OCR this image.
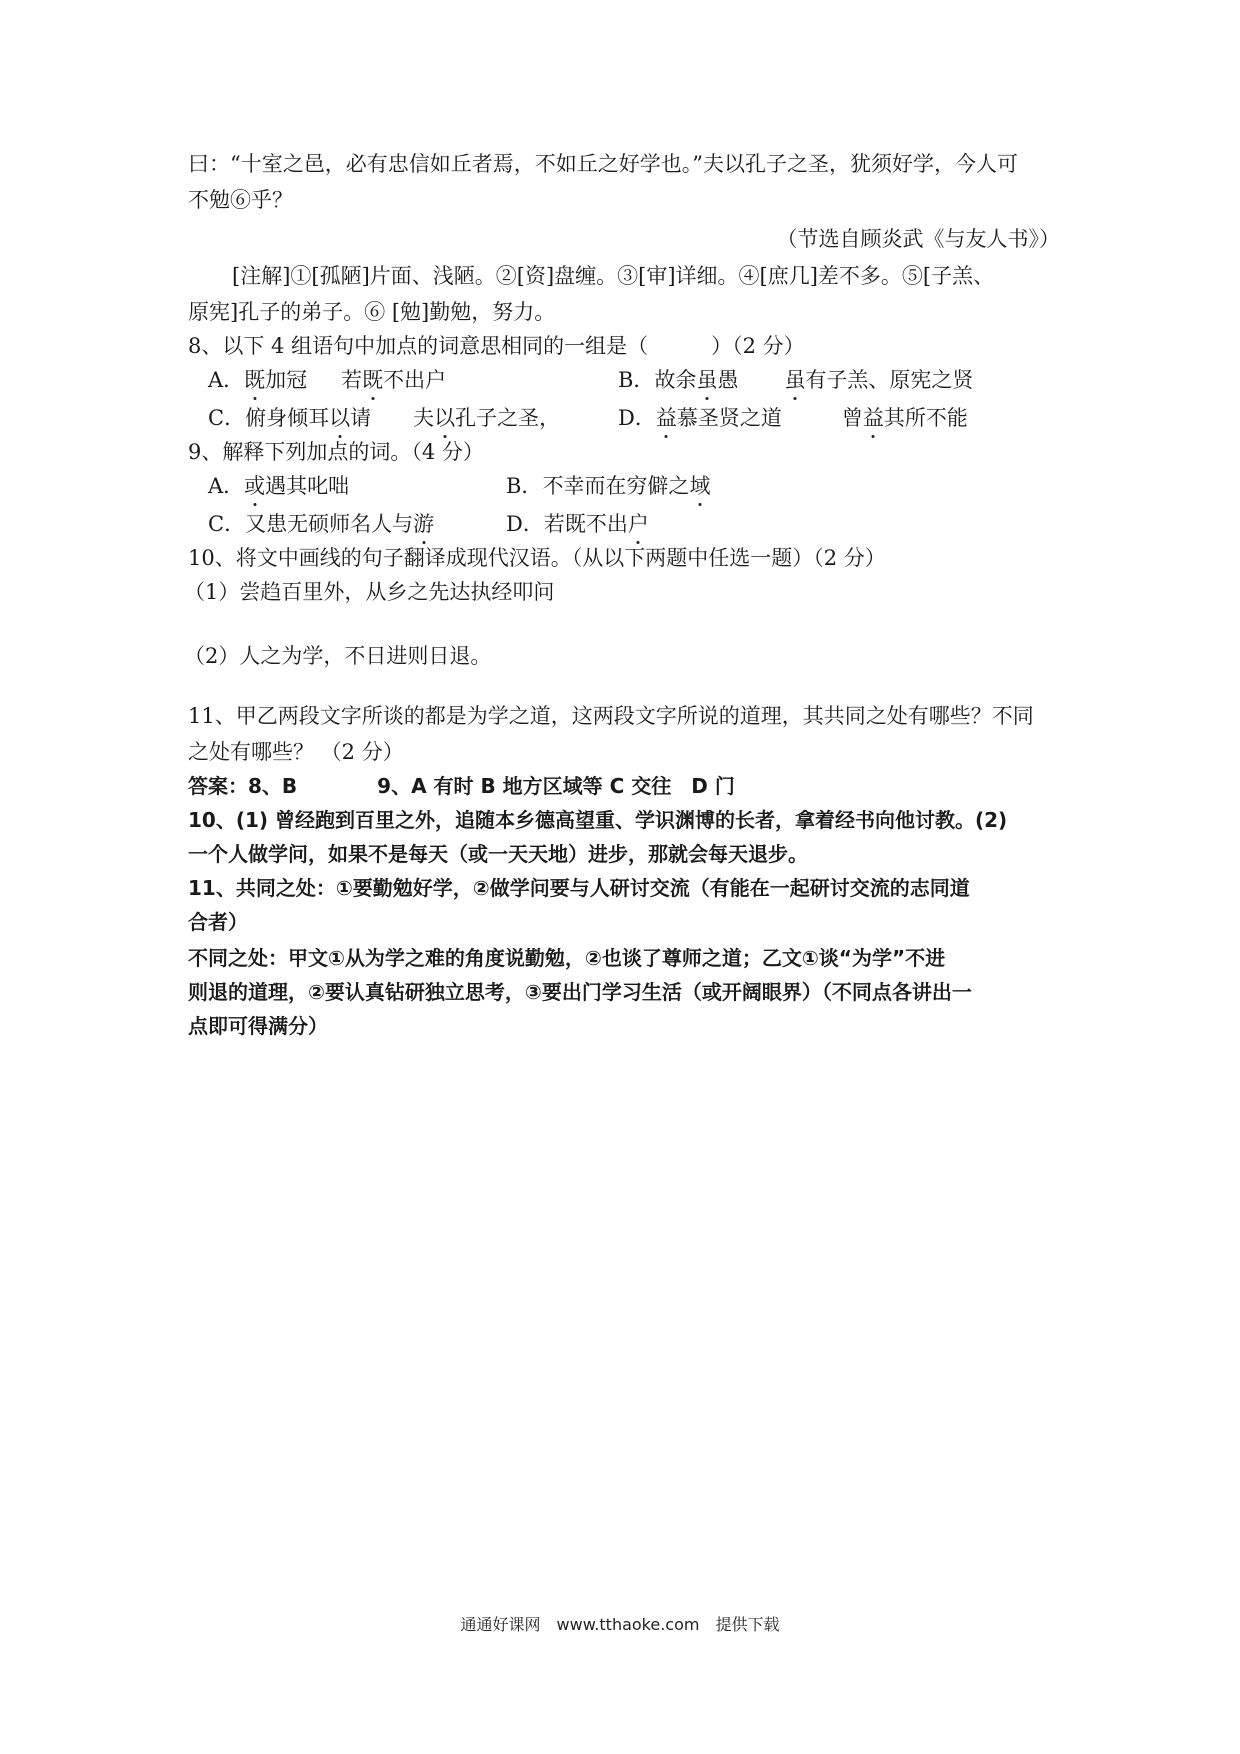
曰：“十室之邑，必有忠信如丘者焉，不如丘之好学也。”夫以孔子之圣，犹须好学，今人可
不勉⑥乎？
（节选自顾炎武《与友人书》）
[注解]①[孤陋]片面、浅陋。②[资]盘缠。③[审]详细。④[庶几]差不多。⑤[子羔、
原宪]孔子的弟子。⑥ [勉]勤勉，努力。
8、以下 4 组语句中加点的词意思相同的一组是（　　　）（2 分）
A．既加冠 若既不出户	B．故余虽愚 虽有子羔、原宪之贤
C．俯身倾耳以请 夫以孔子之圣，	D．益慕圣贤之道	曾益其所不能
9、解释下列加点的词。（4 分）
A．或遇其叱咄	B．不幸而在穷僻之域
C．又患无硕师名人与游	D．若既不出户
10、将文中画线的句子翻译成现代汉语。（从以下两题中任选一题）（2 分）
（1）尝趋百里外，从乡之先达执经叩问
（2）人之为学，不日进则日退。
11、甲乙两段文字所谈的都是为学之道，这两段文字所说的道理，其共同之处有哪些？不同
之处有哪些？ （2 分）
答案：8、B　　　　9、A 有时 B 地方区域等 C 交往　D 门
10、(1) 曾经跑到百里之外，追随本乡德高望重、学识渊博的长者，拿着经书向他讨教。(2)
一个人做学问，如果不是每天（或一天天地）进步，那就会每天退步。
11、共同之处：①要勤勉好学，②做学问要与人研讨交流（有能在一起研讨交流的志同道
合者）
不同之处：甲文①从为学之难的角度说勤勉，②也谈了尊师之道；乙文①谈“为学”不进
则退的道理，②要认真钻研独立思考，③要出门学习生活（或开阔眼界）（不同点各讲出一
点即可得满分）
通通好课网　www.tthaoke.com　提供下载
